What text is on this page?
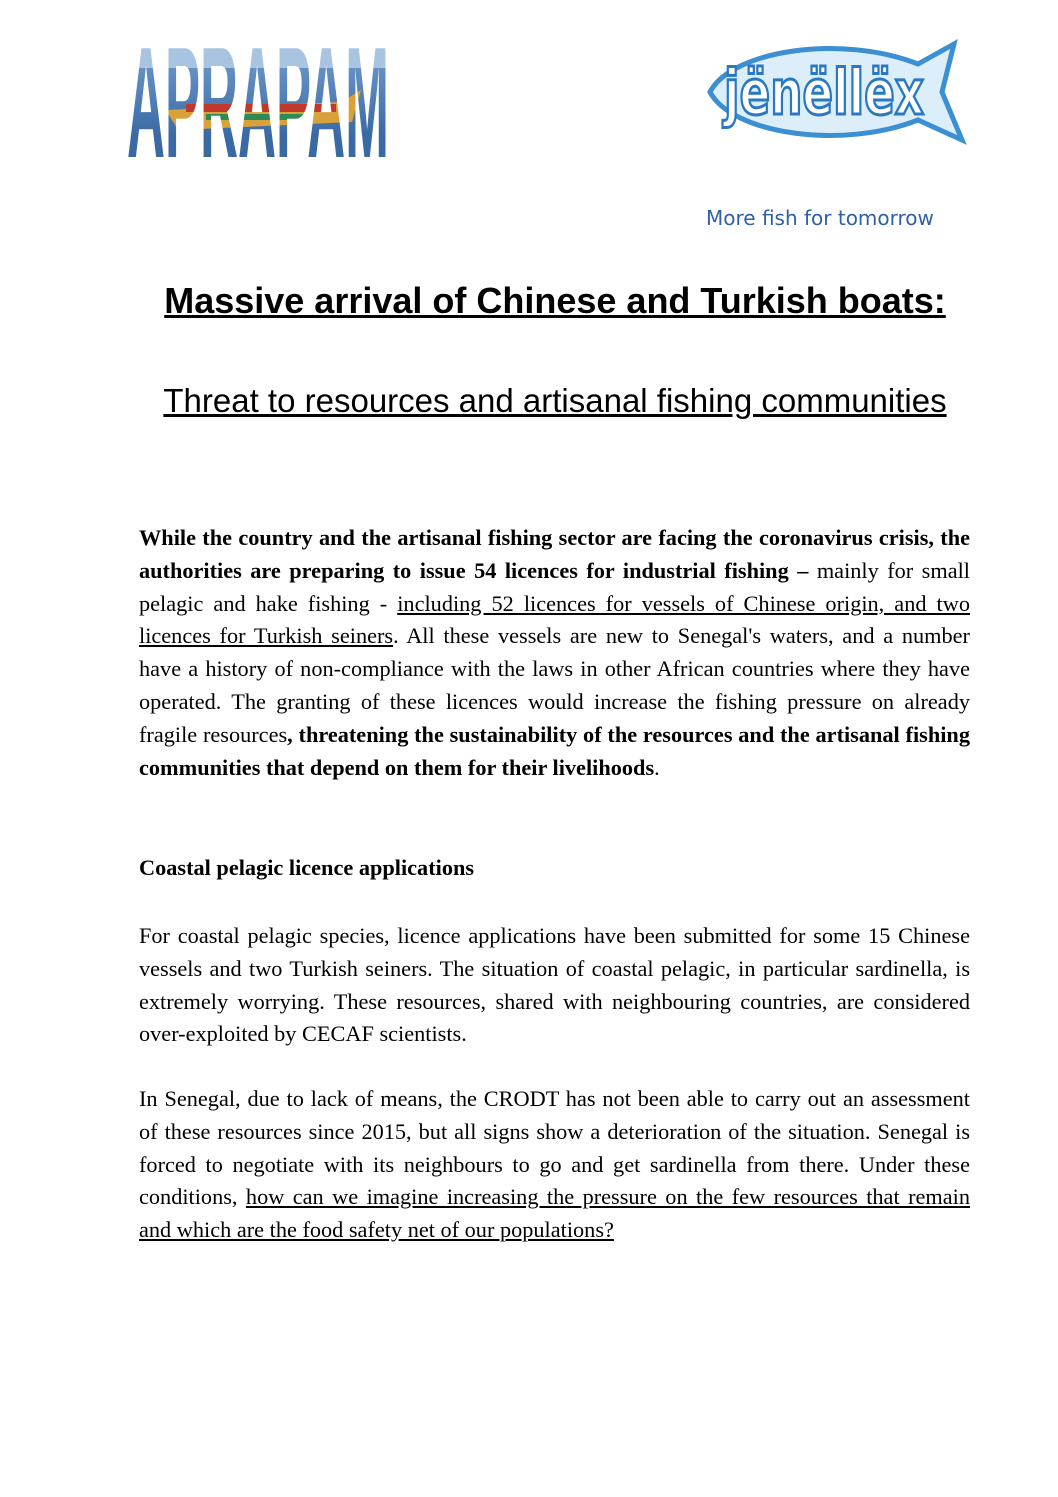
jënëllëx
More fish for tomorrow
Massive arrival of Chinese and Turkish boats:
Threat to resources and artisanal fishing communities

While the country and the artisanal fishing sector are facing the coronavirus crisis, the authorities are preparing to issue 54 licences for industrial fishing – mainly for small pelagic and hake fishing - including 52 licences for vessels of Chinese origin, and two licences for Turkish seiners. All these vessels are new to Senegal's waters, and a number have a history of non-compliance with the laws in other African countries where they have operated. The granting of these licences would increase the fishing pressure on already fragile resources, threatening the sustainability of the resources and the artisanal fishing communities that depend on them for their livelihoods.

Coastal pelagic licence applications

For coastal pelagic species, licence applications have been submitted for some 15 Chinese vessels and two Turkish seiners. The situation of coastal pelagic, in particular sardinella, is extremely worrying. These resources, shared with neighbouring countries, are considered over-exploited by CECAF scientists.

In Senegal, due to lack of means, the CRODT has not been able to carry out an assessment of these resources since 2015, but all signs show a deterioration of the situation. Senegal is forced to negotiate with its neighbours to go and get sardinella from there. Under these conditions, how can we imagine increasing the pressure on the few resources that remain and which are the food safety net of our populations?
